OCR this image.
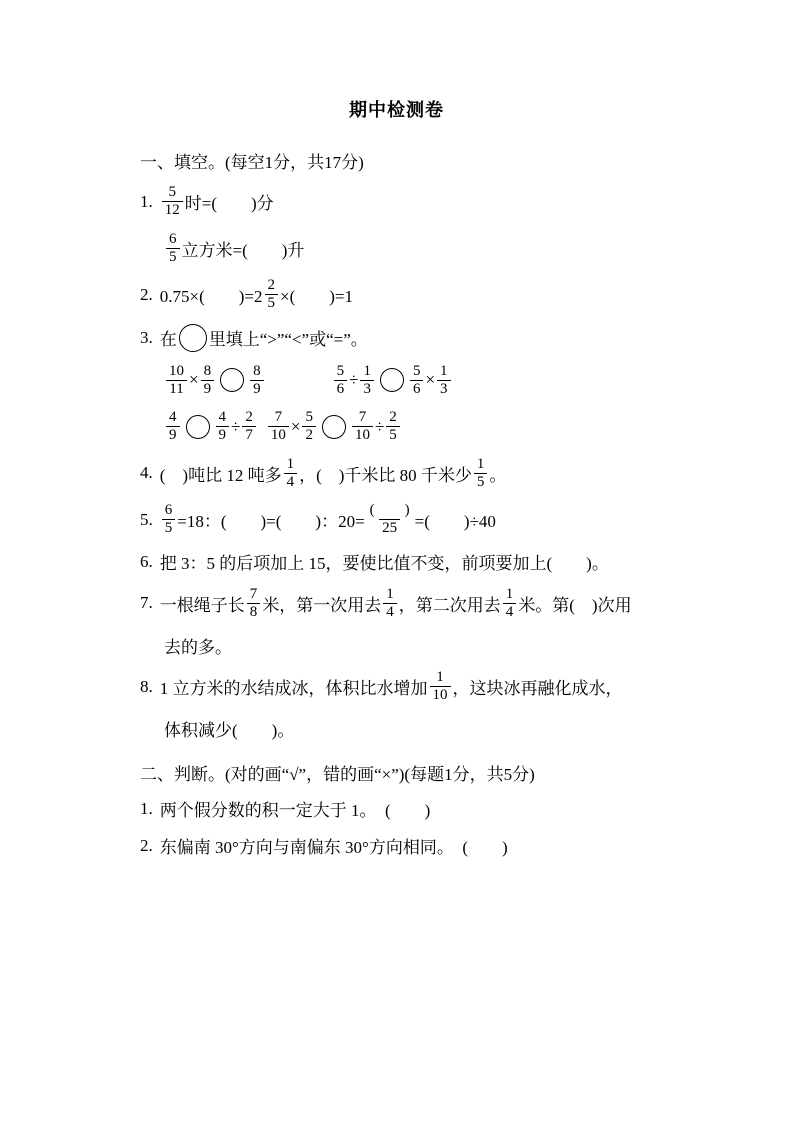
期中检测卷
一、填空。(每空1分，共17分)
1. $\frac{5}{12}$ 时=(　　)分
$\frac{6}{5}$ 立方米=(　　)升
2. 0.75×(　　)$=2 \frac{2}{5}$ ×(　　)=1
3. 在 里填上“>”“<”或“=”。
$\frac{10}{11} \times \frac{8}{9} \frac{8}{9}$	$\frac{5}{6} \div \frac{1}{3} \frac{5}{6} \times \frac{1}{3}$
$\frac{4}{9} \frac{4}{9} \div \frac{2}{7} \frac{7}{10} \times \frac{5}{2} \frac{7}{10} \div \frac{2}{5}$
4. (　)吨比 12 吨多 $\frac{1}{4}$ ，(　)千米比 80 千米少 $\frac{1}{5}$ 。
5. $\frac{6}{5} =18$：(　　)=(　　)：$20= \frac{( )}{25}$ =(　　)÷40
6. 把 3：5 的后项加上 15，要使比值不变，前项要加上(　　)。
7. 一根绳子长 $\frac{7}{8}$ 米，第一次用去 $\frac{1}{4}$ ，第二次用去 $\frac{1}{4}$ 米。第(　)次用
去的多。
8. 1 立方米的水结成冰，体积比水增加 $\frac{1}{10}$ ，这块冰再融化成水，
体积减少(　　)。
二、判断。(对的画“√”，错的画“×”)(每题1分，共5分)
1. 两个假分数的积一定大于 1。　(　　)
2. 东偏南 30°方向与南偏东 30°方向相同。　(　　)
